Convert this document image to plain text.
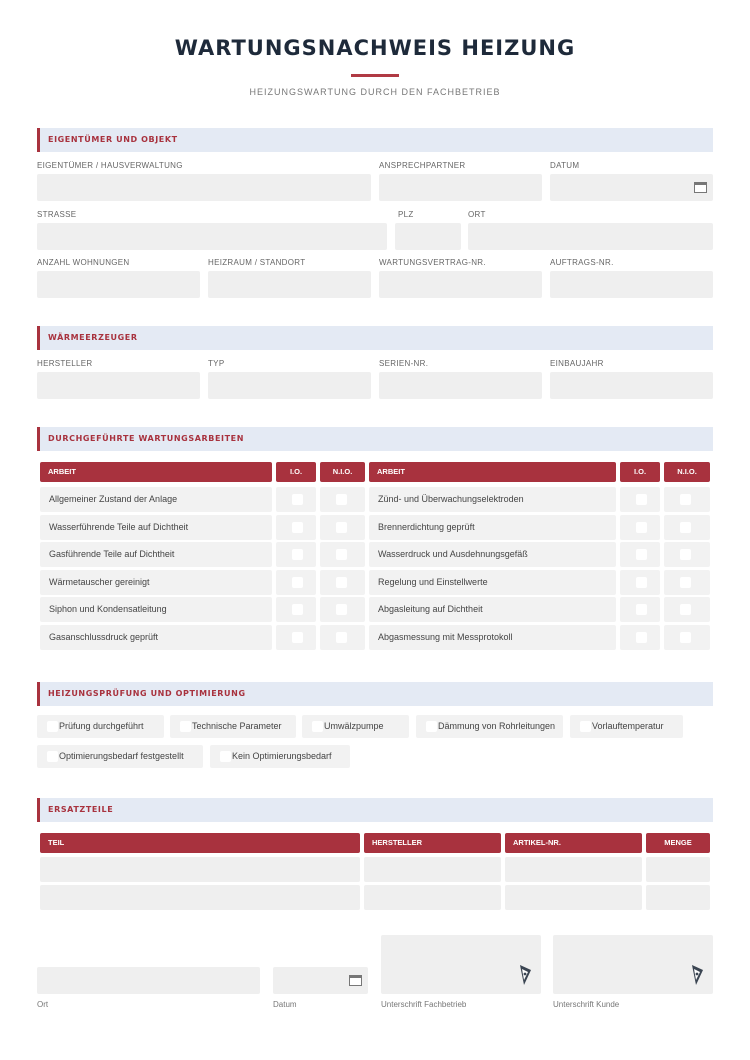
WARTUNGSNACHWEIS HEIZUNG
HEIZUNGSWARTUNG DURCH DEN FACHBETRIEB
EIGENTÜMER UND OBJEKT
EIGENTÜMER / HAUSVERWALTUNG	ANSPRECHPARTNER	DATUM
STRASSE	PLZ	ORT
ANZAHL WOHNUNGEN	HEIZRAUM / STANDORT	WARTUNGSVERTRAG-NR.	AUFTRAGS-NR.
WÄRMEERZEUGER
HERSTELLER	TYP	SERIEN-NR.	EINBAUJAHR
DURCHGEFÜHRTE WARTUNGSARBEITEN
ARBEIT	I.O.	N.I.O.	ARBEIT	I.O.	N.I.O.
Allgemeiner Zustand der Anlage	Zünd- und Überwachungselektroden
Wasserführende Teile auf Dichtheit	Brennerdichtung geprüft
Gasführende Teile auf Dichtheit	Wasserdruck und Ausdehnungsgefäß
Wärmetauscher gereinigt	Regelung und Einstellwerte
Siphon und Kondensatleitung	Abgasleitung auf Dichtheit
Gasanschlussdruck geprüft	Abgasmessung mit Messprotokoll
HEIZUNGSPRÜFUNG UND OPTIMIERUNG
Prüfung durchgeführt	Technische Parameter	Umwälzpumpe	Dämmung von Rohrleitungen	Vorlauftemperatur
Optimierungsbedarf festgestellt	Kein Optimierungsbedarf
ERSATZTEILE
TEIL	HERSTELLER	ARTIKEL-NR.	MENGE
Ort	Datum	Unterschrift Fachbetrieb	Unterschrift Kunde
